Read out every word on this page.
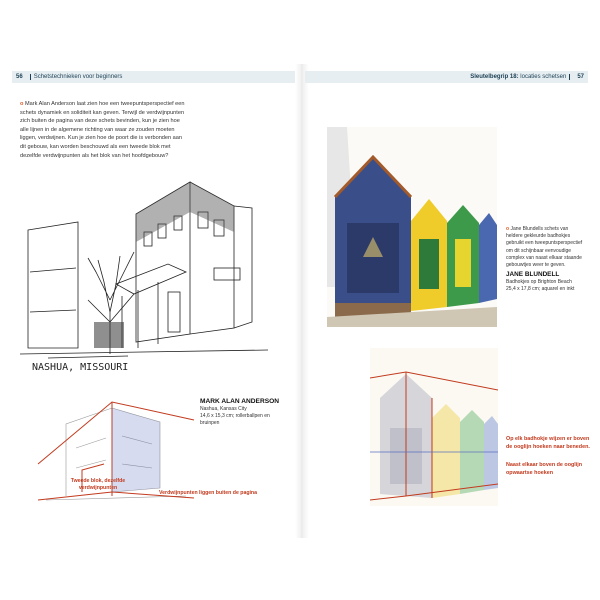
56 Schetstechnieken voor beginners	Sleutelbegrip 18: locaties schetsen 57
o Mark Alan Anderson laat zien hoe een tweepuntsperspectief een schets dynamiek en soliditeit kan geven. Terwijl de verdwijnpunten zich buiten de pagina van deze schets bevinden, kun je zien hoe alle lijnen in de algemene richting van waar ze zouden moeten liggen, verdwijnen. Kun je zien hoe de poort die is verbonden aan dit gebouw, kan worden beschouwd als een tweede blok met dezelfde verdwijnpunten als het blok van het hoofdgebouw?
NASHUA, MISSOURI
MARK ALAN ANDERSON
Nashua, Kansas City
14,6 x 15,3 cm; rollerballpen en bruinpen
Tweede blok, dezelfde verdwijnpunten
Verdwijnpunten liggen buiten de pagina
o Jane Blundells schets van heldere gekleurde badhokjes gebruikt een tweepuntsperspectief om dit schijnbaar eenvoudige complex van naast elkaar staande gebouwtjes weer te geven.
JANE BLUNDELL
Badhokjes op Brighton Beach
25,4 x 17,8 cm; aquarel en inkt
Op elk badhokje wijzen er boven de ooglijn hoeken naar beneden.
Naast elkaar boven de ooglijn opwaartse hoeken
